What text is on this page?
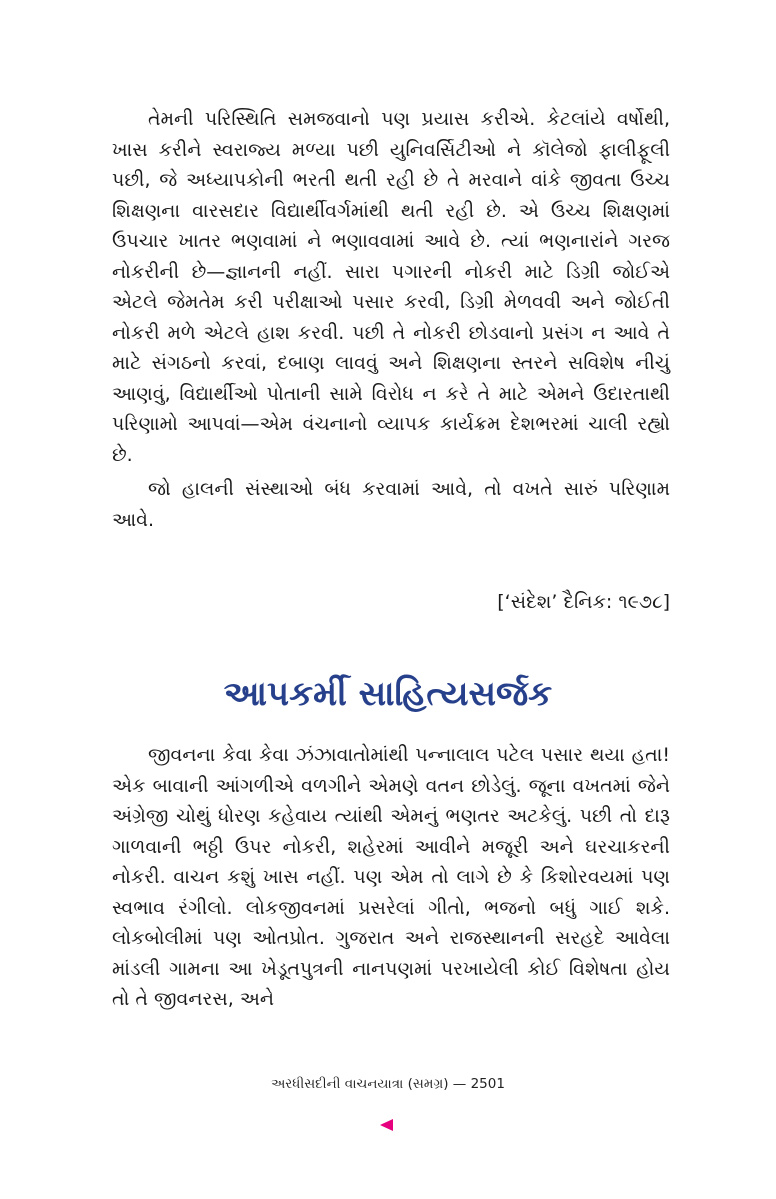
તેમની પરિસ્થિતિ સમજવાનો પણ પ્રયાસ કરીએ. કેટલાંયે વર્ષોથી, ખાસ કરીને સ્વરાજ્ય મળ્યા પછી યુનિવર્સિટીઓ ને કૉલેજો ફાલીફૂલી પછી, જે અધ્યાપકોની ભરતી થતી રહી છે તે મરવાને વાંકે જીવતા ઉચ્ચ શિક્ષણના વારસદાર વિદ્યાર્થીવર્ગમાંથી થતી રહી છે. એ ઉચ્ચ શિક્ષણમાં ઉપચાર ખાતર ભણવામાં ને ભણાવવામાં આવે છે. ત્યાં ભણનારાંને ગરજ નોકરીની છે—જ્ઞાનની નહીં. સારા પગારની નોકરી માટે ડિગ્રી જોઈએ એટલે જેમતેમ કરી પરીક્ષાઓ પસાર કરવી, ડિગ્રી મેળવવી અને જોઈતી નોકરી મળે એટલે હાશ કરવી. પછી તે નોકરી છોડવાનો પ્રસંગ ન આવે તે માટે સંગઠનો કરવાં, દબાણ લાવવું અને શિક્ષણના સ્તરને સવિશેષ નીચું આણવું, વિદ્યાર્થીઓ પોતાની સામે વિરોધ ન કરે તે માટે એમને ઉદારતાથી પરિણામો આપવાં—એમ વંચનાનો વ્યાપક કાર્યક્રમ દેશભરમાં ચાલી રહ્યો છે.

જો હાલની સંસ્થાઓ બંધ કરવામાં આવે, તો વખતે સારું પરિણામ આવે.

[‘સંદેશ’ દૈનિક: ૧૯૭૮]
આપકર્મી સાહિત્યસર્જક

જીવનના કેવા કેવા ઝંઝાવાતોમાંથી પન્નાલાલ પટેલ પસાર થયા હતા! એક બાવાની આંગળીએ વળગીને એમણે વતન છોડેલું. જૂના વખતમાં જેને અંગ્રેજી ચોથું ધોરણ કહેવાય ત્યાંથી એમનું ભણતર અટકેલું. પછી તો દારૂ ગાળવાની ભઠ્ઠી ઉપર નોકરી, શહેરમાં આવીને મજૂરી અને ઘરચાકરની નોકરી. વાચન કશું ખાસ નહીં. પણ એમ તો લાગે છે કે કિશોરવયમાં પણ સ્વભાવ રંગીલો. લોકજીવનમાં પ્રસરેલાં ગીતો, ભજનો બધું ગાઈ શકે. લોકબોલીમાં પણ ઓતપ્રોત. ગુજરાત અને રાજસ્થાનની સરહદે આવેલા માંડલી ગામના આ ખેડૂતપુત્રની નાનપણમાં પરખાયેલી કોઈ વિશેષતા હોય તો તે જીવનરસ, અને

અરધીસદીની વાચનયાત્રા (સમગ્ર) — 2501
